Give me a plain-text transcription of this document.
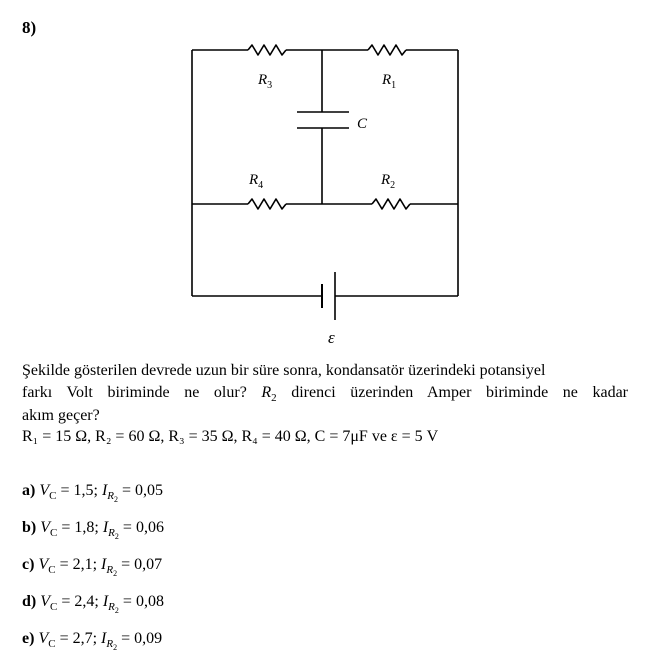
8)
$R_3$	$R_1$
C
$R_4$	$R_2$
ε
Şekilde gösterilen devrede uzun bir süre sonra, kondansatör üzerindeki potansiyel
farkı Volt biriminde ne olur? $R_2$ direnci üzerinden Amper biriminde ne kadar
akım geçer?
R₁ = 15 Ω, R₂ = 60 Ω, R₃ = 35 Ω, R₄ = 40 Ω, C = 7μF ve ε = 5 V
a) $V_C = 1,5$; $I_{R_2} = 0,05$
b) $V_C = 1,8$; $I_{R_2} = 0,06$
c) $V_C = 2,1$; $I_{R_2} = 0,07$
d) $V_C = 2,4$; $I_{R_2} = 0,08$
e) $V_C = 2,7$; $I_{R_2} = 0,09$
